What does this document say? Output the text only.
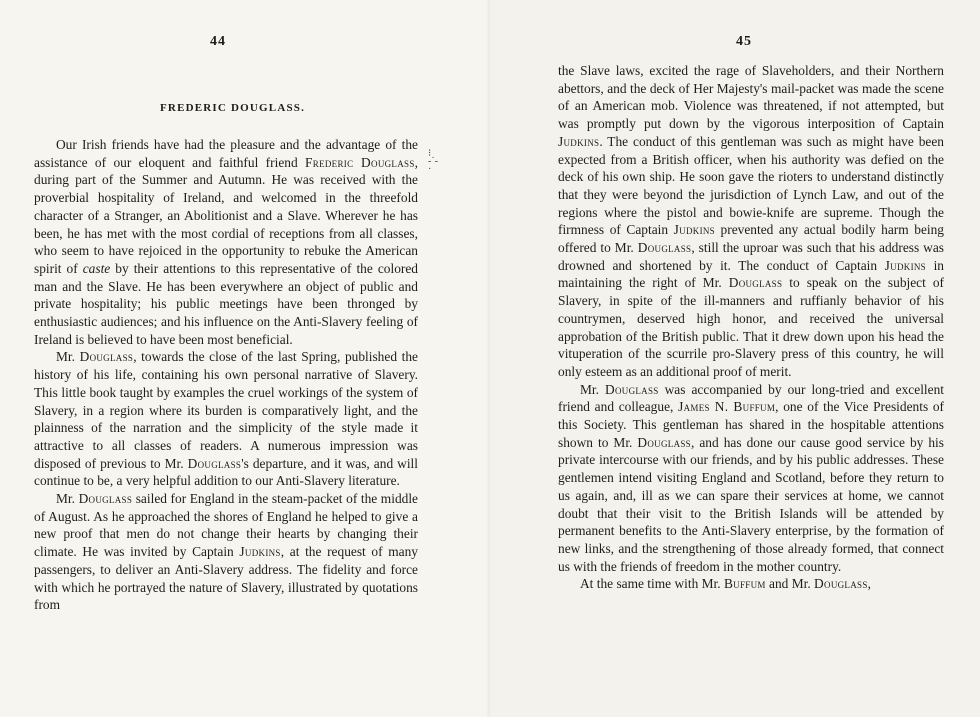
44
FREDERIC DOUGLASS.

Our Irish friends have had the pleasure and the advantage of the assistance of our eloquent and faithful friend Frederic Douglass, during part of the Summer and Autumn. He was received with the proverbial hospitality of Ireland, and welcomed in the threefold character of a Stranger, an Abolitionist and a Slave. Wherever he has been, he has met with the most cordial of receptions from all classes, who seem to have rejoiced in the opportunity to rebuke the American spirit of caste by their attentions to this representative of the colored man and the Slave. He has been everywhere an object of public and private hospitality; his public meetings have been thronged by enthusiastic audiences; and his influence on the Anti-Slavery feeling of Ireland is believed to have been most beneficial.

Mr. Douglass, towards the close of the last Spring, published the history of his life, containing his own personal narrative of Slavery. This little book taught by examples the cruel workings of the system of Slavery, in a region where its burden is comparatively light, and the plainness of the narration and the simplicity of the style made it attractive to all classes of readers. A numerous impression was disposed of previous to Mr. Douglass's departure, and it was, and will continue to be, a very helpful addition to our Anti-Slavery literature.

Mr. Douglass sailed for England in the steam-packet of the middle of August. As he approached the shores of England he helped to give a new proof that men do not change their hearts by changing their climate. He was invited by Captain Judkins, at the request of many passengers, to deliver an Anti-Slavery address. The fidelity and force with which he portrayed the nature of Slavery, illustrated by quotations from

⁝
‐˙‐
·
45

the Slave laws, excited the rage of Slaveholders, and their Northern abettors, and the deck of Her Majesty's mail-packet was made the scene of an American mob. Violence was threatened, if not attempted, but was promptly put down by the vigorous interposition of Captain Judkins. The conduct of this gentleman was such as might have been expected from a British officer, when his authority was defied on the deck of his own ship. He soon gave the rioters to understand distinctly that they were beyond the jurisdiction of Lynch Law, and out of the regions where the pistol and bowie-knife are supreme. Though the firmness of Captain Judkins prevented any actual bodily harm being offered to Mr. Douglass, still the uproar was such that his address was drowned and shortened by it. The conduct of Captain Judkins in maintaining the right of Mr. Douglass to speak on the subject of Slavery, in spite of the ill-manners and ruffianly behavior of his countrymen, deserved high honor, and received the universal approbation of the British public. That it drew down upon his head the vituperation of the scurrile pro-Slavery press of this country, he will only esteem as an additional proof of merit.

Mr. Douglass was accompanied by our long-tried and excellent friend and colleague, James N. Buffum, one of the Vice Presidents of this Society. This gentleman has shared in the hospitable attentions shown to Mr. Douglass, and has done our cause good service by his private intercourse with our friends, and by his public addresses. These gentlemen intend visiting England and Scotland, before they return to us again, and, ill as we can spare their services at home, we cannot doubt that their visit to the British Islands will be attended by permanent benefits to the Anti-Slavery enterprise, by the formation of new links, and the strengthening of those already formed, that connect us with the friends of freedom in the mother country.

At the same time with Mr. Buffum and Mr. Douglass,
